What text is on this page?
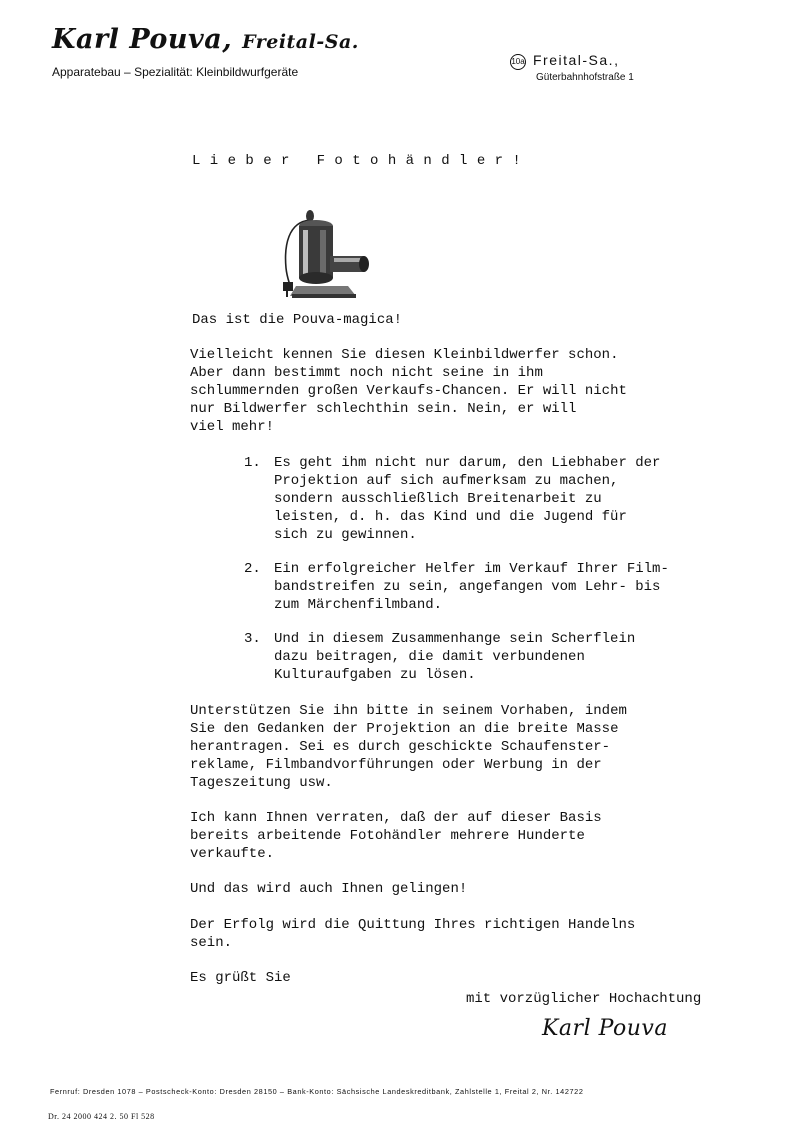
Karl Pouva, Freital-Sa.
Apparatebau – Spezialität: Kleinbildwurfgeräte
10a Freital-Sa.,
Güterbahnhofstraße 1
Lieber Fotohändler!

Das ist die Pouva-magica!

Vielleicht kennen Sie diesen Kleinbildwerfer schon.

Aber dann bestimmt noch nicht seine in ihm

schlummernden großen Verkaufs-Chancen. Er will nicht

nur Bildwerfer schlechthin sein. Nein, er will

viel mehr!

1. Es geht ihm nicht nur darum, den Liebhaber der

Projektion auf sich aufmerksam zu machen,

sondern ausschließlich Breitenarbeit zu

leisten, d. h. das Kind und die Jugend für

sich zu gewinnen.

2. Ein erfolgreicher Helfer im Verkauf Ihrer Film-

bandstreifen zu sein, angefangen vom Lehr- bis

zum Märchenfilmband.

3. Und in diesem Zusammenhange sein Scherflein

dazu beitragen, die damit verbundenen

Kulturaufgaben zu lösen.

Unterstützen Sie ihn bitte in seinem Vorhaben, indem

Sie den Gedanken der Projektion an die breite Masse

herantragen. Sei es durch geschickte Schaufenster-

reklame, Filmbandvorführungen oder Werbung in der

Tageszeitung usw.

Ich kann Ihnen verraten, daß der auf dieser Basis

bereits arbeitende Fotohändler mehrere Hunderte

verkaufte.

Und das wird auch Ihnen gelingen!

Der Erfolg wird die Quittung Ihres richtigen Handelns

sein.

Es grüßt Sie

mit vorzüglicher Hochachtung

Karl Pouva
Fernruf: Dresden 1078 – Postscheck-Konto: Dresden 28150 – Bank-Konto: Sächsische Landeskreditbank, Zahlstelle 1, Freital 2, Nr. 142722
Dr. 24 2000 424 2. 50 Fl 528
